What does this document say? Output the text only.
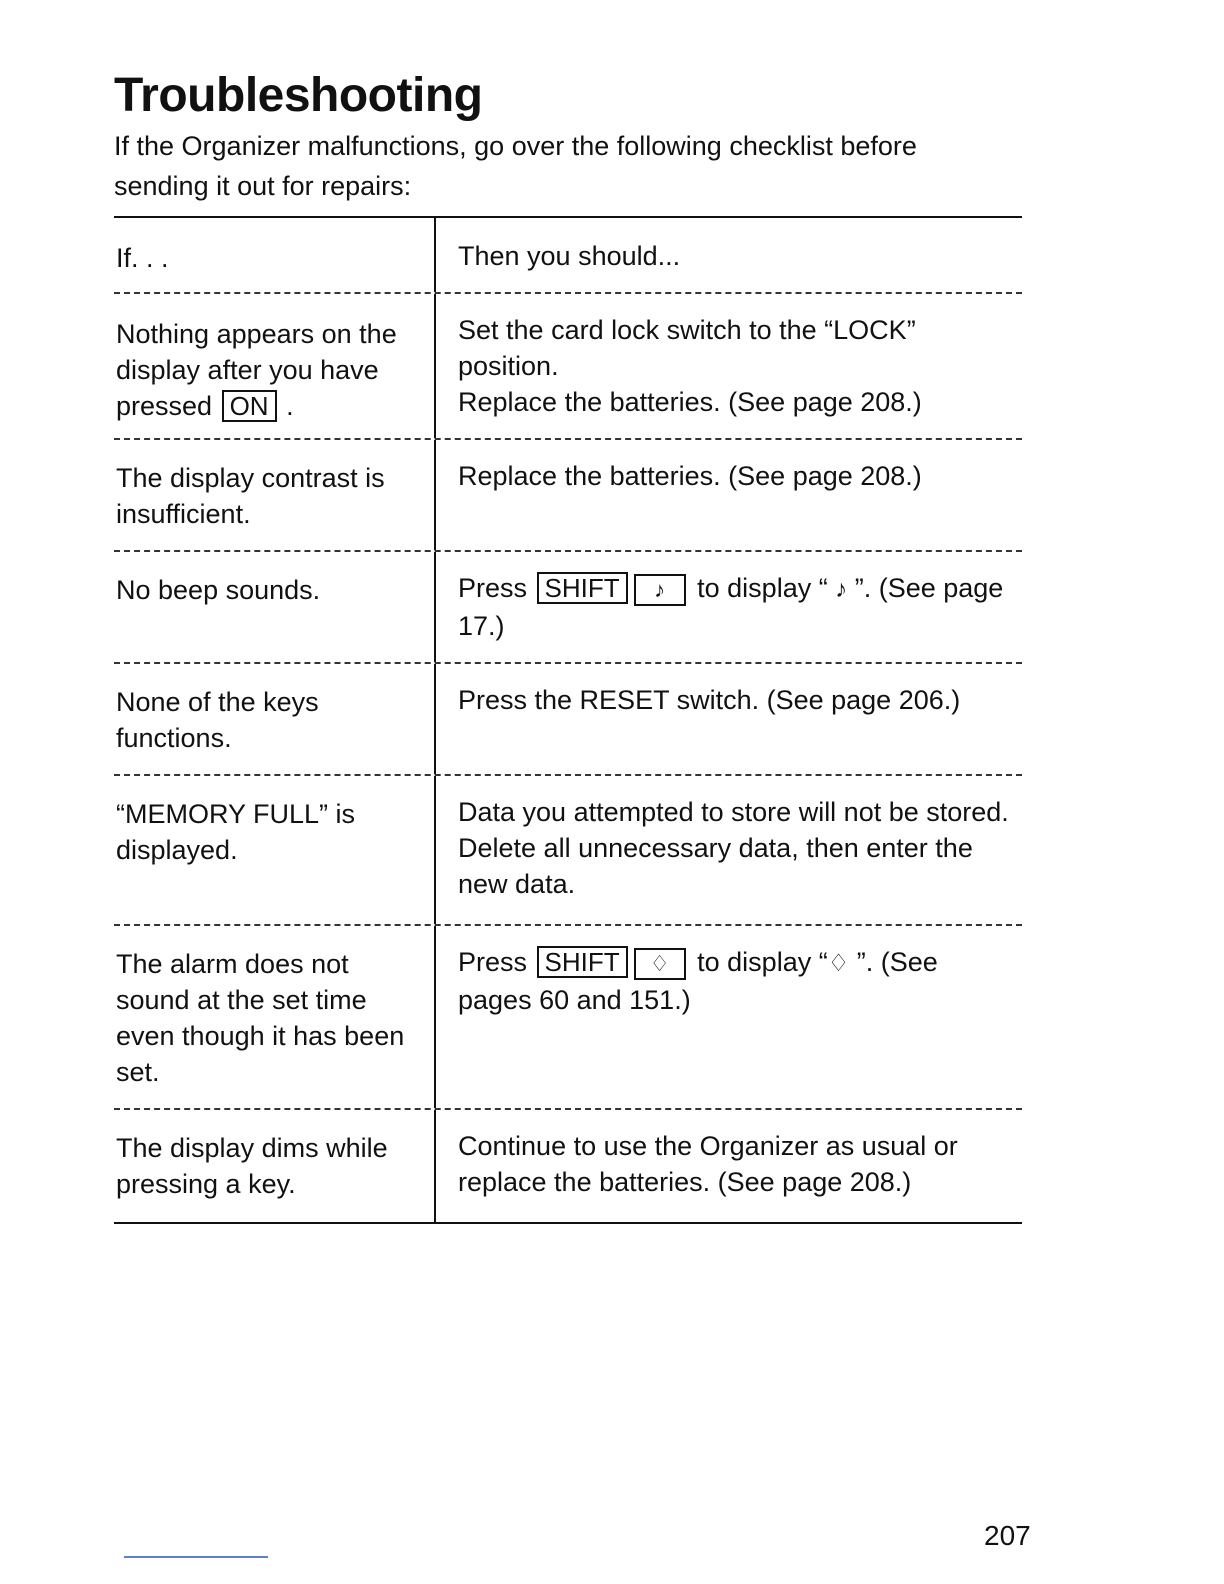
Troubleshooting

If the Organizer malfunctions, go over the following checklist before sending it out for repairs:

If. . .	Then you should...
Nothing appears on the display after you have pressed ON .
Set the card lock switch to the “LOCK” position.
Replace the batteries. (See page 208.)
The display contrast is insufficient.
Replace the batteries. (See page 208.)
No beep sounds.	Press SHIFT ♪ to display “ ♪ ”. (See page 17.)
None of the keys functions.
Press the RESET switch. (See page 206.)
“MEMORY FULL” is displayed.
Data you attempted to store will not be stored. Delete all unnecessary data, then enter the new data.
The alarm does not sound at the set time even though it has been set.
Press SHIFT ♢ to display “♢ ”. (See pages 60 and 151.)
The display dims while pressing a key.
Continue to use the Organizer as usual or replace the batteries. (See page 208.)
207
